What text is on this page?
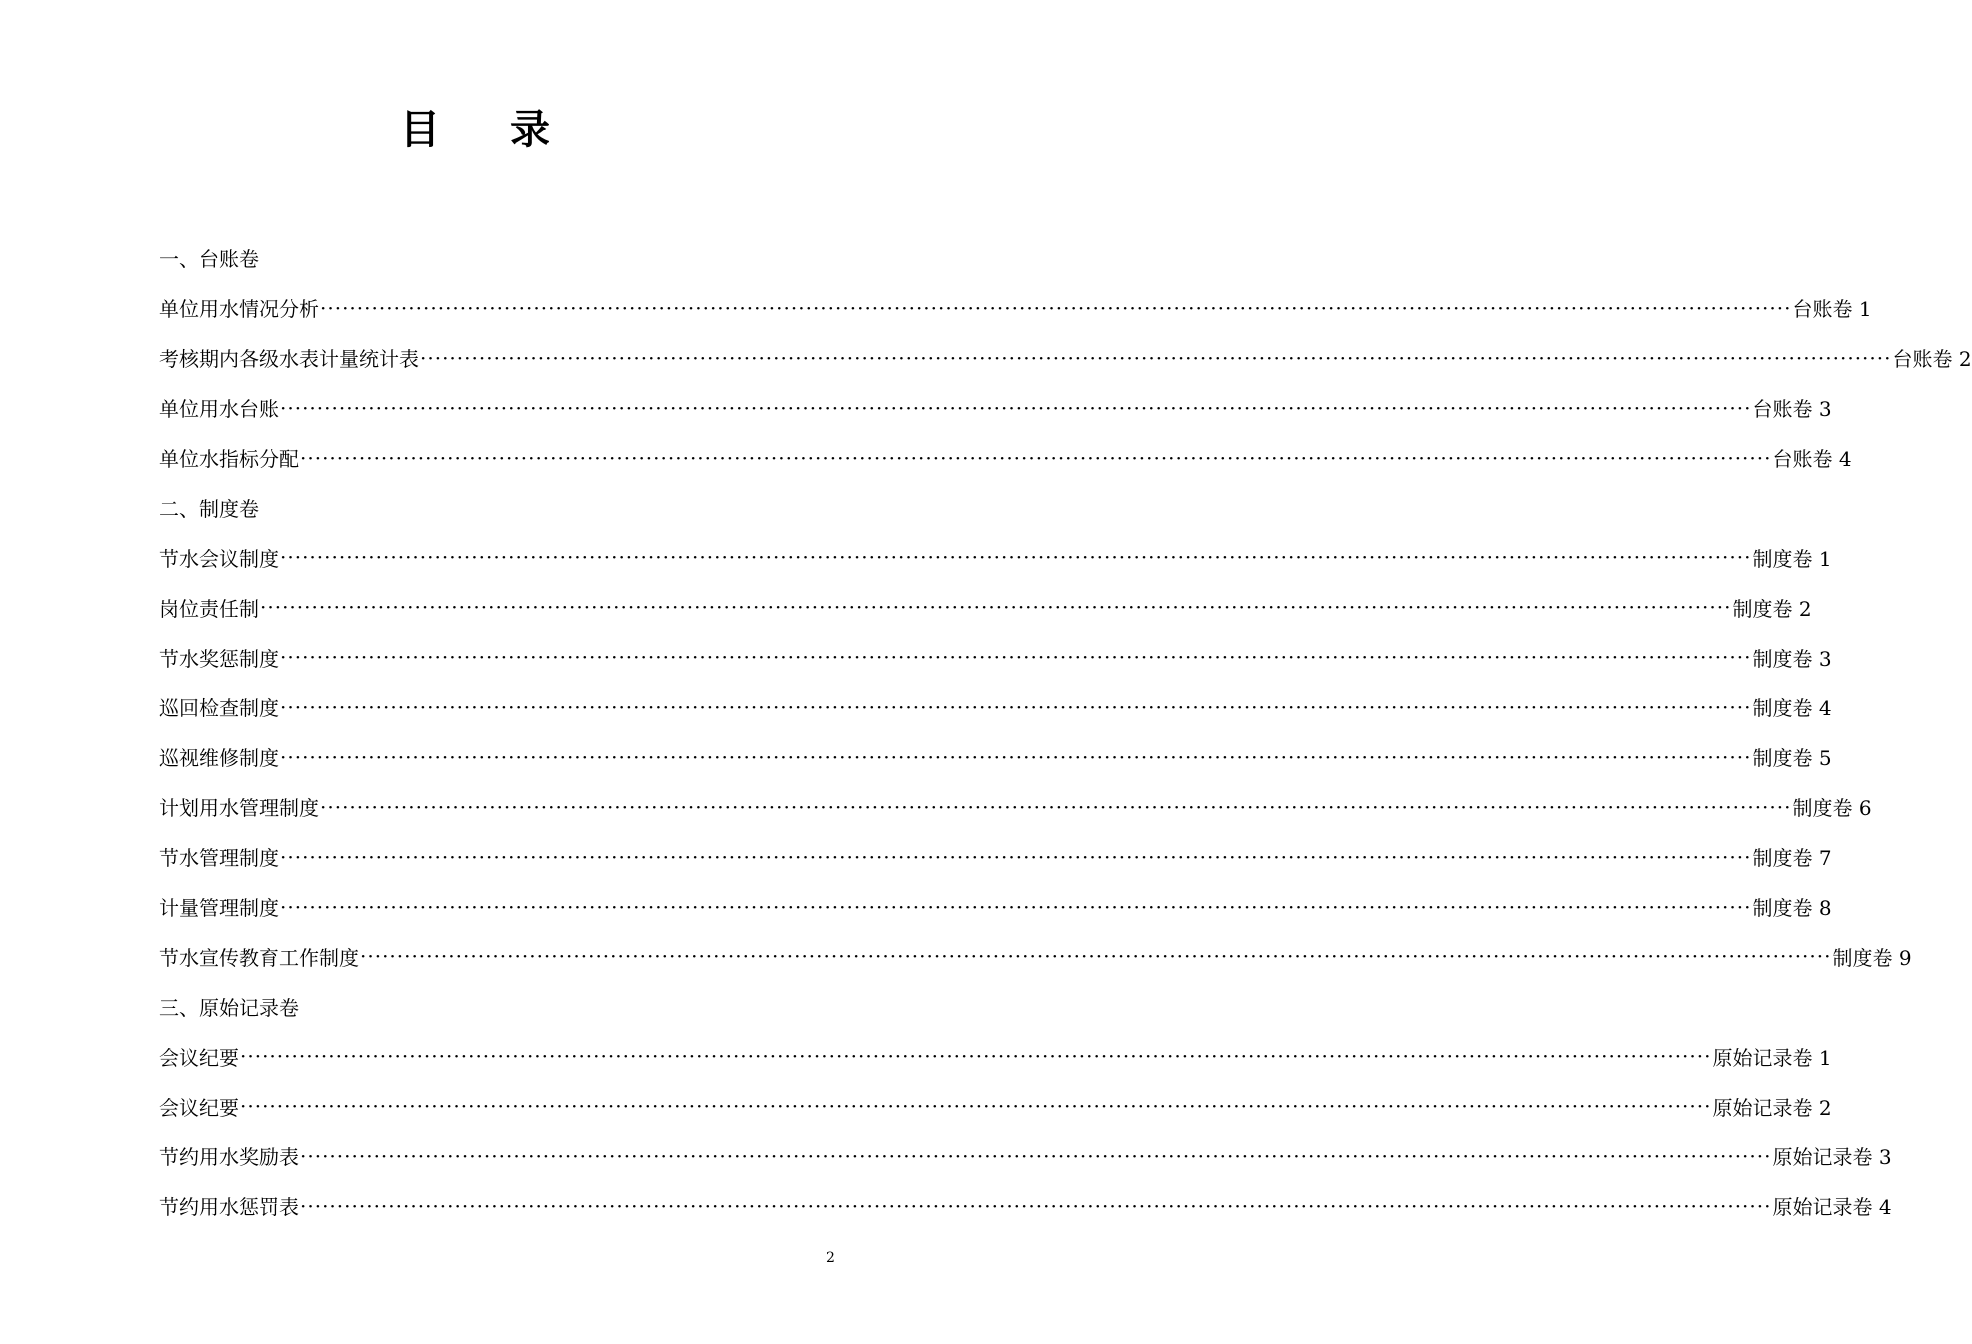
目 录
一、台账卷
单位用水情况分析 ········································································································································································································ 台账卷 1
考核期内各级水表计量统计表 ········································································································································································································ 台账卷 2
单位用水台账 ········································································································································································································ 台账卷 3
单位水指标分配 ········································································································································································································ 台账卷 4
二、制度卷
节水会议制度 ········································································································································································································ 制度卷 1
岗位责任制 ········································································································································································································ 制度卷 2
节水奖惩制度 ········································································································································································································ 制度卷 3
巡回检查制度 ········································································································································································································ 制度卷 4
巡视维修制度 ········································································································································································································ 制度卷 5
计划用水管理制度 ········································································································································································································ 制度卷 6
节水管理制度 ········································································································································································································ 制度卷 7
计量管理制度 ········································································································································································································ 制度卷 8
节水宣传教育工作制度 ········································································································································································································ 制度卷 9
三、原始记录卷
会议纪要 ········································································································································································································ 原始记录卷 1
会议纪要 ········································································································································································································ 原始记录卷 2
节约用水奖励表 ········································································································································································································ 原始记录卷 3
节约用水惩罚表 ········································································································································································································ 原始记录卷 4
2
